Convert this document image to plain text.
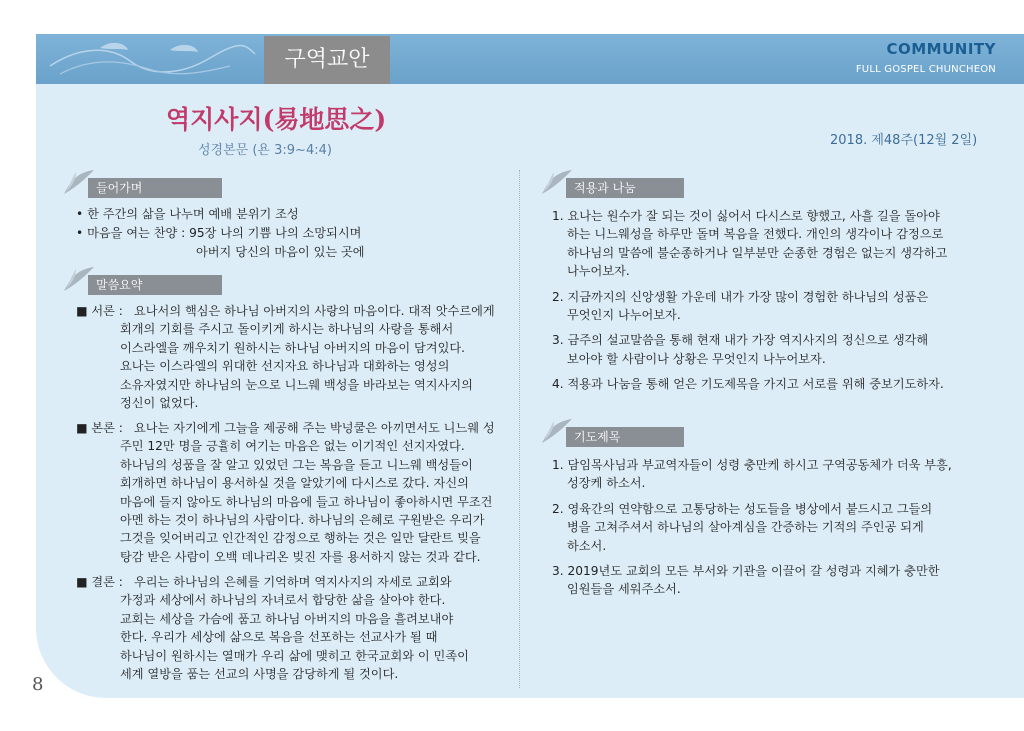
구역교안	COMMUNITY
FULL GOSPEL CHUNCHEON
역지사지(易地思之)
성경본문 (욘 3:9~4:4)
2018. 제48주(12월 2일)
들어가며
• 한 주간의 삶을 나누며 예배 분위기 조성
• 마음을 여는 찬양 : 95장 나의 기쁨 나의 소망되시며
아버지 당신의 마음이 있는 곳에
말씀요약
■ 서론 : 요나서의 핵심은 하나님 아버지의 사랑의 마음이다. 대적 앗수르에게
회개의 기회를 주시고 돌이키게 하시는 하나님의 사랑을 통해서
이스라엘을 깨우치기 원하시는 하나님 아버지의 마음이 담겨있다.
요나는 이스라엘의 위대한 선지자요 하나님과 대화하는 영성의
소유자였지만 하나님의 눈으로 니느웨 백성을 바라보는 역지사지의
정신이 없었다.
■ 본론 : 요나는 자기에게 그늘을 제공해 주는 박넝쿨은 아끼면서도 니느웨 성
주민 12만 명을 긍휼히 여기는 마음은 없는 이기적인 선지자였다.
하나님의 성품을 잘 알고 있었던 그는 복음을 듣고 니느웨 백성들이
회개하면 하나님이 용서하실 것을 알았기에 다시스로 갔다. 자신의
마음에 들지 않아도 하나님의 마음에 들고 하나님이 좋아하시면 무조건
아멘 하는 것이 하나님의 사람이다. 하나님의 은혜로 구원받은 우리가
그것을 잊어버리고 인간적인 감정으로 행하는 것은 일만 달란트 빚을
탕감 받은 사람이 오백 데나리온 빚진 자를 용서하지 않는 것과 같다.
■ 결론 : 우리는 하나님의 은혜를 기억하며 역지사지의 자세로 교회와
가정과 세상에서 하나님의 자녀로서 합당한 삶을 살아야 한다.
교회는 세상을 가슴에 품고 하나님 아버지의 마음을 흘려보내야
한다. 우리가 세상에 삶으로 복음을 선포하는 선교사가 될 때
하나님이 원하시는 열매가 우리 삶에 맺히고 한국교회와 이 민족이
세계 열방을 품는 선교의 사명을 감당하게 될 것이다.
적용과 나눔
1. 요나는 원수가 잘 되는 것이 싫어서 다시스로 향했고, 사흘 길을 돌아야
하는 니느웨성을 하루만 돌며 복음을 전했다. 개인의 생각이나 감정으로
하나님의 말씀에 불순종하거나 일부분만 순종한 경험은 없는지 생각하고
나누어보자.
2. 지금까지의 신앙생활 가운데 내가 가장 많이 경험한 하나님의 성품은
무엇인지 나누어보자.
3. 금주의 설교말씀을 통해 현재 내가 가장 역지사지의 정신으로 생각해
보아야 할 사람이나 상황은 무엇인지 나누어보자.
4. 적용과 나눔을 통해 얻은 기도제목을 가지고 서로를 위해 중보기도하자.
기도제목
1. 담임목사님과 부교역자들이 성령 충만케 하시고 구역공동체가 더욱 부흥,
성장케 하소서.
2. 영육간의 연약함으로 고통당하는 성도들을 병상에서 붙드시고 그들의
병을 고쳐주셔서 하나님의 살아계심을 간증하는 기적의 주인공 되게
하소서.
3. 2019년도 교회의 모든 부서와 기관을 이끌어 갈 성령과 지혜가 충만한
임원들을 세워주소서.
8
